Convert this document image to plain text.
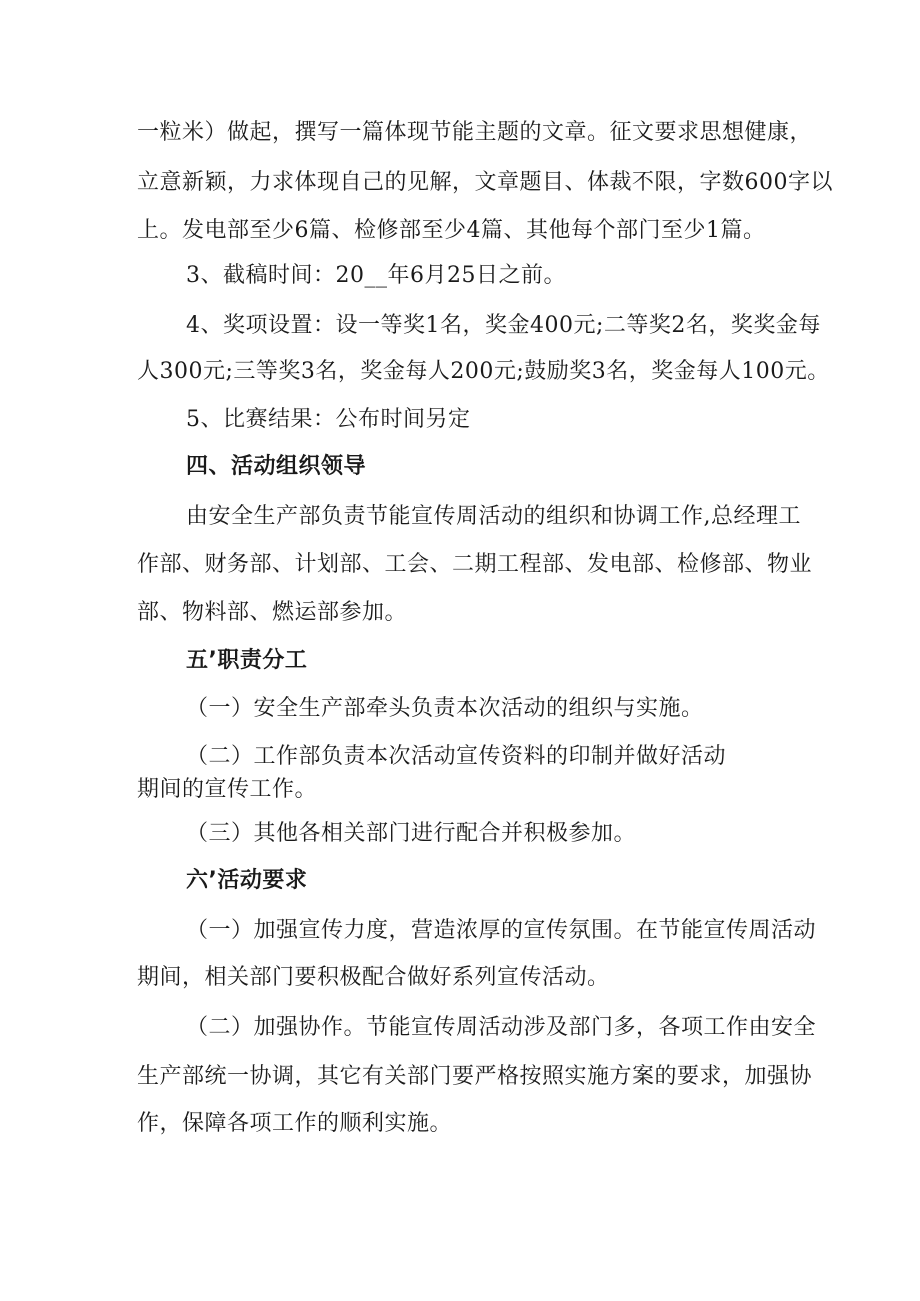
一粒米）做起，撰写一篇体现节能主题的文章。征文要求思想健康，
立意新颖，力求体现自己的见解，文章题目、体裁不限，字数600字以
上。发电部至少6篇、检修部至少4篇、其他每个部门至少1篇。
3、截稿时间：20__年6月25日之前。
4、奖项设置：设一等奖1名，奖金400元;二等奖2名，奖奖金每
人300元;三等奖3名，奖金每人200元;鼓励奖3名，奖金每人100元。
5、比赛结果：公布时间另定
四、活动组织领导
由安全生产部负责节能宣传周活动的组织和协调工作,总经理工
作部、财务部、计划部、工会、二期工程部、发电部、检修部、物业
部、物料部、燃运部参加。
五’职责分工
（一）安全生产部牵头负责本次活动的组织与实施。
（二）工作部负责本次活动宣传资料的印制并做好活动
期间的宣传工作。
（三）其他各相关部门进行配合并积极参加。
六’活动要求
（一）加强宣传力度，营造浓厚的宣传氛围。在节能宣传周活动
期间，相关部门要积极配合做好系列宣传活动。
（二）加强协作。节能宣传周活动涉及部门多，各项工作由安全
生产部统一协调，其它有关部门要严格按照实施方案的要求，加强协
作，保障各项工作的顺利实施。
